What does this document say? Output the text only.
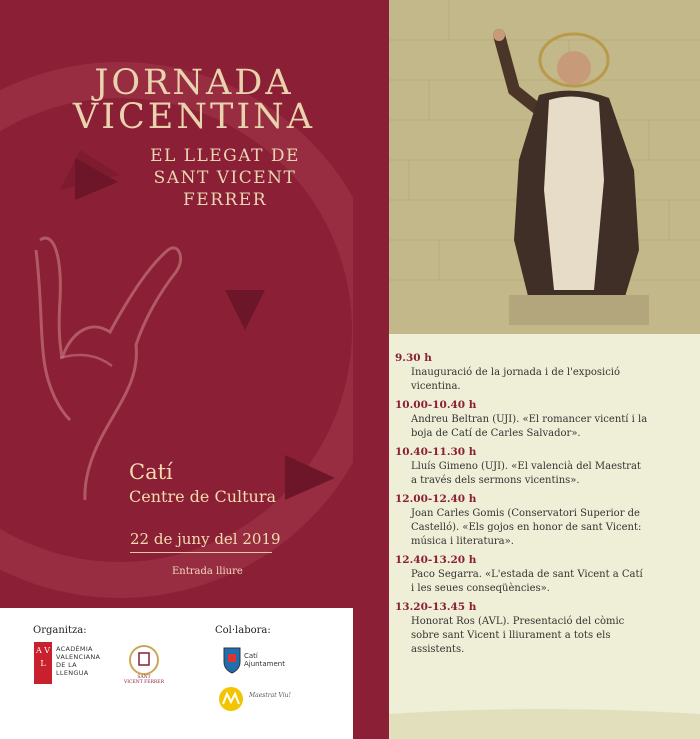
JORNADA
VICENTINA
EL LLEGAT DE
SANT VICENT FERRER
Catí
Centre de Cultura
22 de juny del 2019
Entrada lliure
Organitza:
A V L
ACADÈMIA
VALENCIANA
DE LA
LLENGUA
SANT
VICENT FERRER
Col·labora:
Catí
Ajuntament
Maestrat Viu!
9.30 h
Inauguració de la jornada i de l'exposició
vicentina.
10.00-10.40 h
Andreu Beltran (UJI). «El romancer vicentí i la
boja de Catí de Carles Salvador».
10.40-11.30 h
Lluís Gimeno (UJI). «El valencià del Maestrat
a través dels sermons vicentins».
12.00-12.40 h
Joan Carles Gomis (Conservatori Superior de
Castelló). «Els gojos en honor de sant Vicent:
música i literatura».
12.40-13.20 h
Paco Segarra. «L'estada de sant Vicent a Catí
i les seues conseqüències».
13.20-13.45 h
Honorat Ros (AVL). Presentació del còmic
sobre sant Vicent i lliurament a tots els
assistents.
